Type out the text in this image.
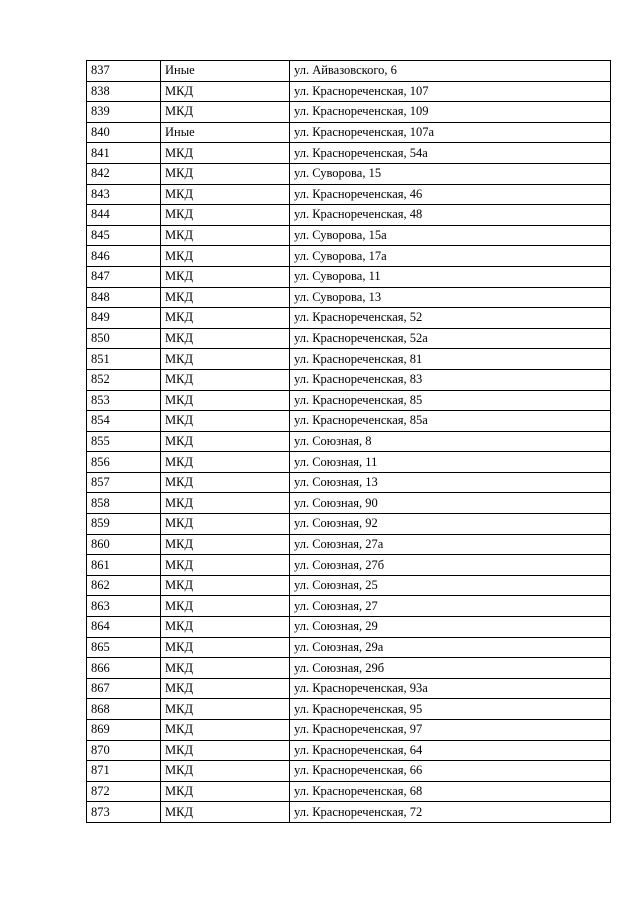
837	Иные	ул. Айвазовского, 6
838	МКД	ул. Краснореченская, 107
839	МКД	ул. Красноречeнская, 109
840	Иные	ул. Краснореченская, 107а
841	МКД	ул. Красноречeнская, 54а
842	МКД	ул. Суворова, 15
843	МКД	ул. Красноречeнская, 46
844	МКД	ул. Красноречeнская, 48
845	МКД	ул. Суворова, 15а
846	МКД	ул. Суворова, 17а
847	МКД	ул. Суворова, 11
848	МКД	ул. Суворова, 13
849	МКД	ул. Красноречeнская, 52
850	МКД	ул. Красноречeнская, 52а
851	МКД	ул. Красноречeнская, 81
852	МКД	ул. Красноречeнская, 83
853	МКД	ул. Красноречeнская, 85
854	МКД	ул. Красноречeнская, 85а
855	МКД	ул. Союзная, 8
856	МКД	ул. Союзная, 11
857	МКД	ул. Союзная, 13
858	МКД	ул. Союзная, 90
859	МКД	ул. Союзная, 92
860	МКД	ул. Союзная, 27а
861	МКД	ул. Союзная, 27б
862	МКД	ул. Союзная, 25
863	МКД	ул. Союзная, 27
864	МКД	ул. Союзная, 29
865	МКД	ул. Союзная, 29а
866	МКД	ул. Союзная, 29б
867	МКД	ул. Красноречeнская, 93а
868	МКД	ул. Красноречeнская, 95
869	МКД	ул. Красноречeнская, 97
870	МКД	ул. Красноречeнская, 64
871	МКД	ул. Красноречeнская, 66
872	МКД	ул. Красноречeнская, 68
873	МКД	ул. Красноречeнская, 72
